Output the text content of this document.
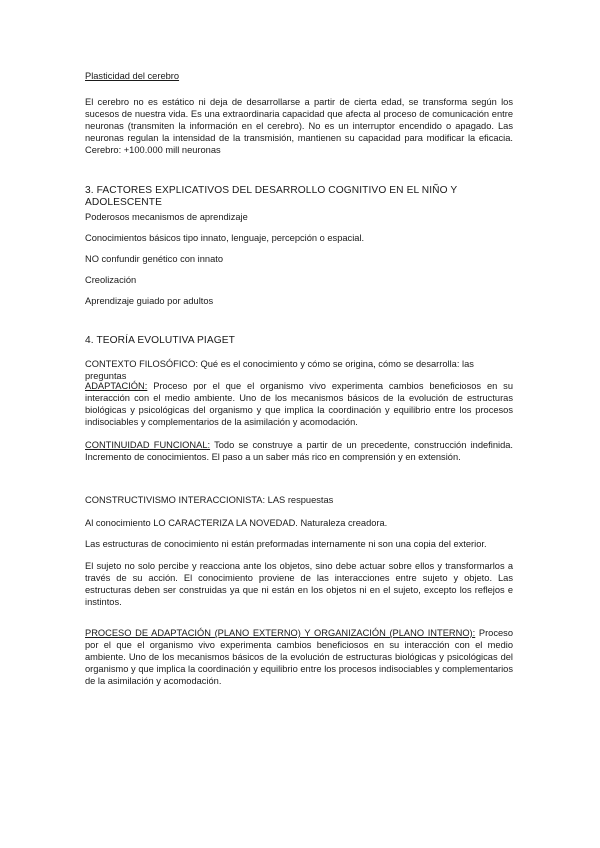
Plasticidad del cerebro

El cerebro no es estático ni deja de desarrollarse a partir de cierta edad, se transforma según los sucesos de nuestra vida. Es una extraordinaria capacidad que afecta al proceso de comunicación entre neuronas (transmiten la información en el cerebro). No es un interruptor encendido o apagado. Las neuronas regulan la intensidad de la transmisión, mantienen su capacidad para modificar la eficacia. Cerebro: +100.000 mill neuronas

3. FACTORES EXPLICATIVOS DEL DESARROLLO COGNITIVO EN EL NIÑO Y ADOLESCENTE

Poderosos mecanismos de aprendizaje

Conocimientos básicos tipo innato, lenguaje, percepción o espacial.

NO confundir genético con innato

Creolización

Aprendizaje guiado por adultos

4. TEORÍA EVOLUTIVA PIAGET

CONTEXTO FILOSÓFICO: Qué es el conocimiento y cómo se origina, cómo se desarrolla: las preguntas

ADAPTACIÓN: Proceso por el que el organismo vivo experimenta cambios beneficiosos en su interacción con el medio ambiente. Uno de los mecanismos básicos de la evolución de estructuras biológicas y psicológicas del organismo y que implica la coordinación y equilibrio entre los procesos indisociables y complementarios de la asimilación y acomodación.

CONTINUIDAD FUNCIONAL: Todo se construye a partir de un precedente, construcción indefinida. Incremento de conocimientos. El paso a un saber más rico en comprensión y en extensión.

CONSTRUCTIVISMO INTERACCIONISTA: LAS respuestas

Al conocimiento LO CARACTERIZA LA NOVEDAD. Naturaleza creadora.

Las estructuras de conocimiento ni están preformadas internamente ni son una copia del exterior.

El sujeto no solo percibe y reacciona ante los objetos, sino debe actuar sobre ellos y transformarlos a través de su acción. El conocimiento proviene de las interacciones entre sujeto y objeto. Las estructuras deben ser construidas ya que ni están en los objetos ni en el sujeto, excepto los reflejos e instintos.

PROCESO DE ADAPTACIÓN (PLANO EXTERNO) Y ORGANIZACIÓN (PLANO INTERNO): Proceso por el que el organismo vivo experimenta cambios beneficiosos en su interacción con el medio ambiente. Uno de los mecanismos básicos de la evolución de estructuras biológicas y psicológicas del organismo y que implica la coordinación y equilibrio entre los procesos indisociables y complementarios de la asimilación y acomodación.
